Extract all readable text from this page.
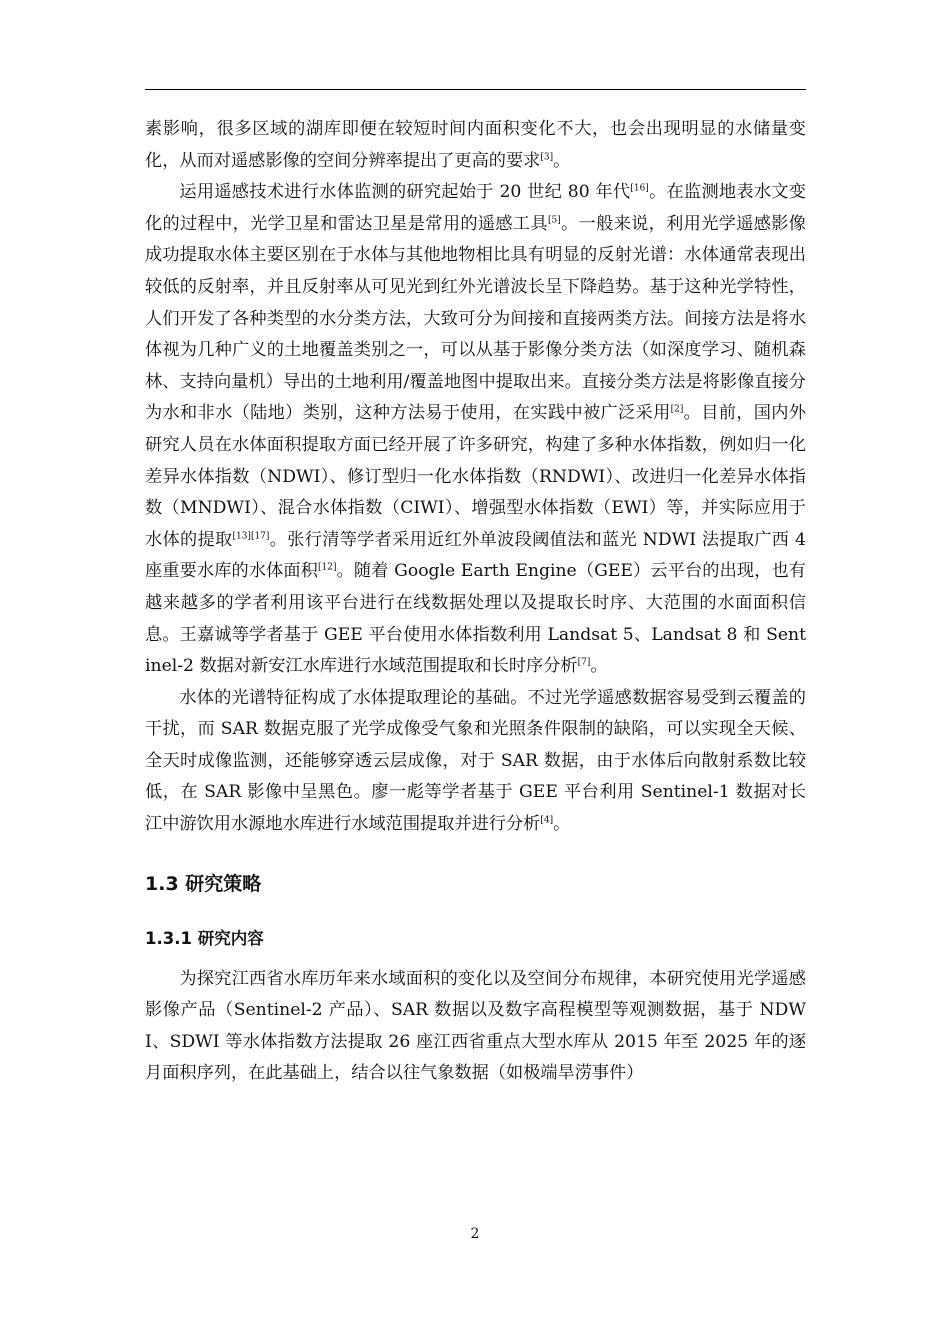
素影响，很多区域的湖库即便在较短时间内面积变化不大，也会出现明显的水储量变化，从而对遥感影像的空间分辨率提出了更高的要求[3]。

运用遥感技术进行水体监测的研究起始于 20 世纪 80 年代[16]。在监测地表水文变化的过程中，光学卫星和雷达卫星是常用的遥感工具[5]。一般来说，利用光学遥感影像成功提取水体主要区别在于水体与其他地物相比具有明显的反射光谱：水体通常表现出较低的反射率，并且反射率从可见光到红外光谱波长呈下降趋势。基于这种光学特性，人们开发了各种类型的水分类方法，大致可分为间接和直接两类方法。间接方法是将水体视为几种广义的土地覆盖类别之一，可以从基于影像分类方法（如深度学习、随机森林、支持向量机）导出的土地利用/覆盖地图中提取出来。直接分类方法是将影像直接分为水和非水（陆地）类别，这种方法易于使用，在实践中被广泛采用[2]。目前，国内外研究人员在水体面积提取方面已经开展了许多研究，构建了多种水体指数，例如归一化差异水体指数（NDWI）、修订型归一化水体指数（RNDWI）、改进归一化差异水体指数（MNDWI）、混合水体指数（CIWI）、增强型水体指数（EWI）等，并实际应用于水体的提取[13][17]。张行清等学者采用近红外单波段阈值法和蓝光 NDWI 法提取广西 4 座重要水库的水体面积[12]。随着 Google Earth Engine（GEE）云平台的出现，也有越来越多的学者利用该平台进行在线数据处理以及提取长时序、大范围的水面面积信息。王嘉诚等学者基于 GEE 平台使用水体指数利用 Landsat 5、Landsat 8 和 Sentinel-2 数据对新安江水库进行水域范围提取和长时序分析[7]。

水体的光谱特征构成了水体提取理论的基础。不过光学遥感数据容易受到云覆盖的干扰，而 SAR 数据克服了光学成像受气象和光照条件限制的缺陷，可以实现全天候、全天时成像监测，还能够穿透云层成像，对于 SAR 数据，由于水体后向散射系数比较低，在 SAR 影像中呈黑色。廖一彪等学者基于 GEE 平台利用 Sentinel-1 数据对长江中游饮用水源地水库进行水域范围提取并进行分析[4]。

1.3 研究策略
1.3.1 研究内容

为探究江西省水库历年来水域面积的变化以及空间分布规律，本研究使用光学遥感影像产品（Sentinel-2 产品）、SAR 数据以及数字高程模型等观测数据，基于 NDWI、SDWI 等水体指数方法提取 26 座江西省重点大型水库从 2015 年至 2025 年的逐月面积序列，在此基础上，结合以往气象数据（如极端旱涝事件）

2
